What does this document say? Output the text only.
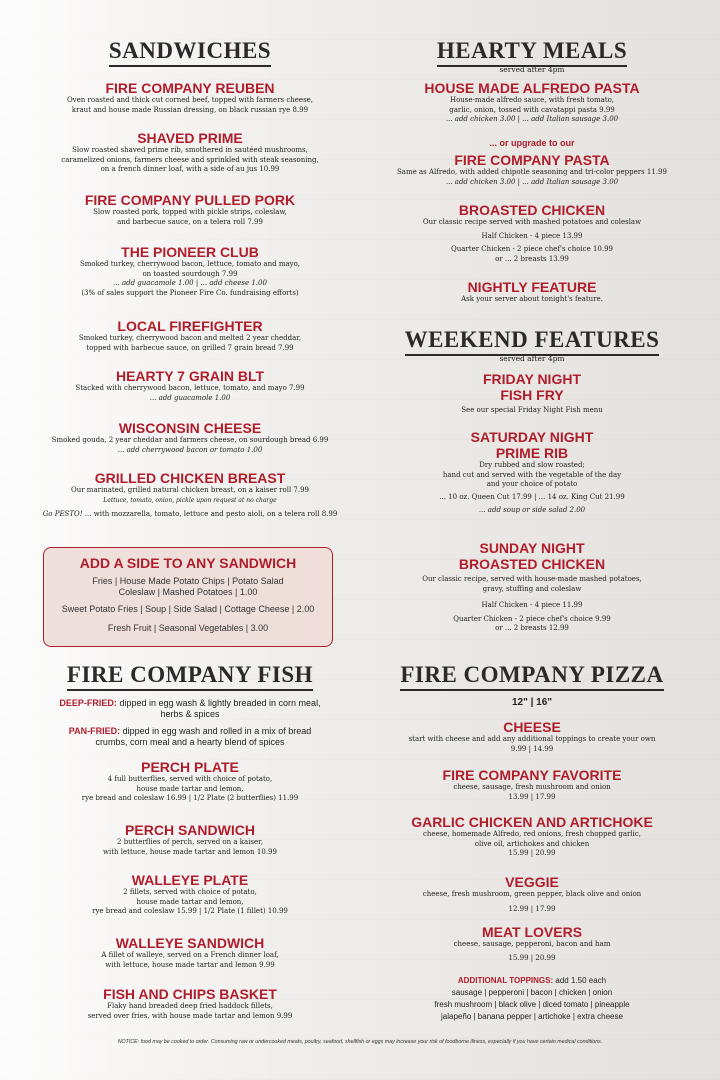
SANDWICHES

FIRE COMPANY REUBEN

Oven roasted and thick cut corned beef, topped with farmers cheese,

kraut and house made Russian dressing, on black russian rye 8.99

SHAVED PRIME

Slow roasted shaved prime rib, smothered in sautéed mushrooms,

caramelized onions, farmers cheese and sprinkled with steak seasoning,

on a french dinner loaf, with a side of au jus 10.99

FIRE COMPANY PULLED PORK

Slow roasted pork, topped with pickle strips, coleslaw,

and barbecue sauce, on a telera roll 7.99

THE PIONEER CLUB

Smoked turkey, cherrywood bacon, lettuce, tomato and mayo,

on toasted sourdough 7.99

... add guacamole 1.00 | ... add cheese 1.00

(3% of sales support the Pioneer Fire Co. fundraising efforts)

LOCAL FIREFIGHTER

Smoked turkey, cherrywood bacon and melted 2 year cheddar,

topped with barbecue sauce, on grilled 7 grain bread 7.99

HEARTY 7 GRAIN BLT

Stacked with cherrywood bacon, lettuce, tomato, and mayo 7.99

... add guacamole 1.00

WISCONSIN CHEESE

Smoked gouda, 2 year cheddar and farmers cheese, on sourdough bread 6.99

... add cherrywood bacon or tomato 1.00

GRILLED CHICKEN BREAST

Our marinated, grilled natural chicken breast, on a kaiser roll 7.99

Lettuce, tomato, onion, pickle upon request at no charge

Go PESTO! ... with mozzarella, tomato, lettuce and pesto aioli, on a telera roll 8.99

ADD A SIDE TO ANY SANDWICH
Fries | House Made Potato Chips | Potato Salad
Coleslaw | Mashed Potatoes | 1.00
Sweet Potato Fries | Soup | Side Salad | Cottage Cheese | 2.00
Fresh Fruit | Seasonal Vegetables | 3.00
FIRE COMPANY FISH
DEEP-FRIED: dipped in egg wash & lightly breaded in corn meal,
herbs & spices
PAN-FRIED: dipped in egg wash and rolled in a mix of bread
crumbs, corn meal and a hearty blend of spices

PERCH PLATE

4 full butterflies, served with choice of potato,

house made tartar and lemon,

rye bread and coleslaw 16.99 | 1/2 Plate (2 butterflies) 11.99

PERCH SANDWICH

2 butterflies of perch, served on a kaiser,

with lettuce, house made tartar and lemon 10.99

WALLEYE PLATE

2 fillets, served with choice of potato,

house made tartar and lemon,

rye bread and coleslaw 15.99 | 1/2 Plate (1 fillet) 10.99

WALLEYE SANDWICH

A fillet of walleye, served on a French dinner loaf,

with lettuce, house made tartar and lemon 9.99

FISH AND CHIPS BASKET

Flaky hand breaded deep fried haddock fillets,

served over fries, with house made tartar and lemon 9.99

HEARTY MEALS
served after 4pm

HOUSE MADE ALFREDO PASTA

House-made alfredo sauce, with fresh tomato,

garlic, onion, tossed with cavatappi pasta 9.99

... add chicken 3.00 | ... add Italian sausage 3.00

... or upgrade to our

FIRE COMPANY PASTA

Same as Alfredo, with added chipotle seasoning and tri-color peppers 11.99

... add chicken 3.00 | ... add Italian sausage 3.00

BROASTED CHICKEN

Our classic recipe served with mashed potatoes and coleslaw

Half Chicken - 4 piece 13.99

Quarter Chicken - 2 piece chef's choice 10.99

or ... 2 breasts 13.99

NIGHTLY FEATURE

Ask your server about tonight's feature.

WEEKEND FEATURES
served after 4pm

FRIDAY NIGHT

FISH FRY

See our special Friday Night Fish menu

SATURDAY NIGHT

PRIME RIB

Dry rubbed and slow roasted;

hand cut and served with the vegetable of the day

and your choice of potato

... 10 oz. Queen Cut 17.99 | ... 14 oz. King Cut 21.99

... add soup or side salad 2.00

SUNDAY NIGHT

BROASTED CHICKEN

Our classic recipe, served with house-made mashed potatoes,

gravy, stuffing and coleslaw

Half Chicken - 4 piece 11.99

Quarter Chicken - 2 piece chef's choice 9.99

or ... 2 breasts 12.99

FIRE COMPANY PIZZA
12" | 16"

CHEESE

start with cheese and add any additional toppings to create your own

9.99 | 14.99

FIRE COMPANY FAVORITE

cheese, sausage, fresh mushroom and onion

13.99 | 17.99

GARLIC CHICKEN AND ARTICHOKE

cheese, homemade Alfredo, red onions, fresh chopped garlic,

olive oil, artichokes and chicken

15.99 | 20.99

VEGGIE

cheese, fresh mushroom, green pepper, black olive and onion

12.99 | 17.99

MEAT LOVERS

cheese, sausage, pepperoni, bacon and ham

15.99 | 20.99

ADDITIONAL TOPPINGS: add 1.50 each
sausage | pepperoni | bacon | chicken | onion
fresh mushroom | black olive | diced tomato | pineapple
jalapeño | banana pepper | artichoke | extra cheese
NOTICE: food may be cooked to order. Consuming raw or undercooked meats, poultry, seafood, shellfish or eggs may increase your risk of foodborne illness, especially if you have certain medical conditions.
